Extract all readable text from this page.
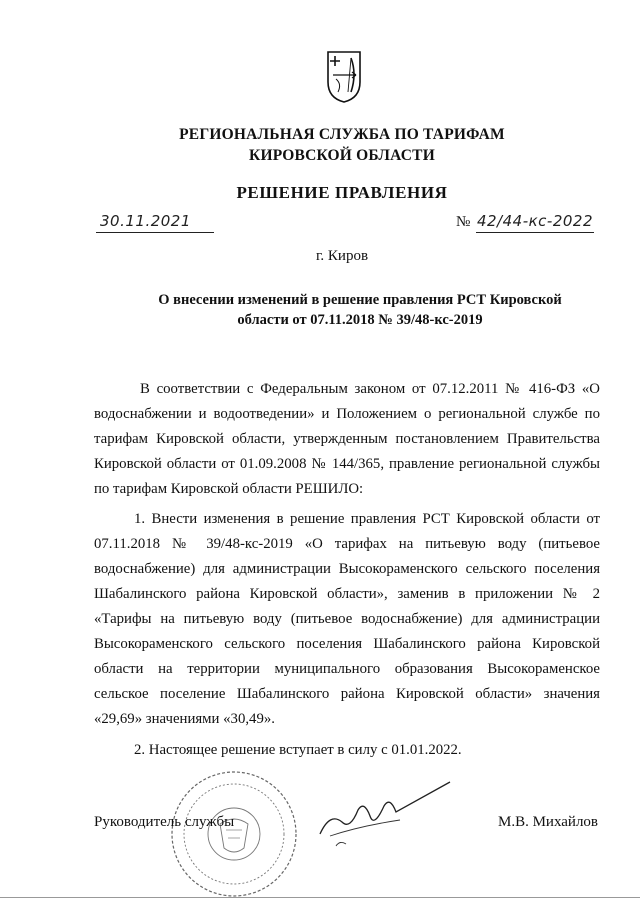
РЕГИОНАЛЬНАЯ СЛУЖБА ПО ТАРИФАМ
КИРОВСКОЙ ОБЛАСТИ
РЕШЕНИЕ ПРАВЛЕНИЯ
30.11.2021	№ 42/44-кс-2022
г. Киров
О внесении изменений в решение правления РСТ Кировской области от 07.11.2018 № 39/48-кс-2019
В соответствии с Федеральным законом от 07.12.2011 № 416-ФЗ «О водоснабжении и водоотведении» и Положением о региональной службе по тарифам Кировской области, утвержденным постановлением Правительства Кировской области от 01.09.2008 № 144/365, правление региональной службы по тарифам Кировской области РЕШИЛО:
1. Внести изменения в решение правления РСТ Кировской области от 07.11.2018 № 39/48-кс-2019 «О тарифах на питьевую воду (питьевое водоснабжение) для администрации Высокораменского сельского поселения Шабалинского района Кировской области», заменив в приложении № 2 «Тарифы на питьевую воду (питьевое водоснабжение) для администрации Высокораменского сельского поселения Шабалинского района Кировской области на территории муниципального образования Высокораменское сельское поселение Шабалинского района Кировской области» значения «29,69» значениями «30,49».
2. Настоящее решение вступает в силу с 01.01.2022.
Руководитель службы	М.В. Михайлов
